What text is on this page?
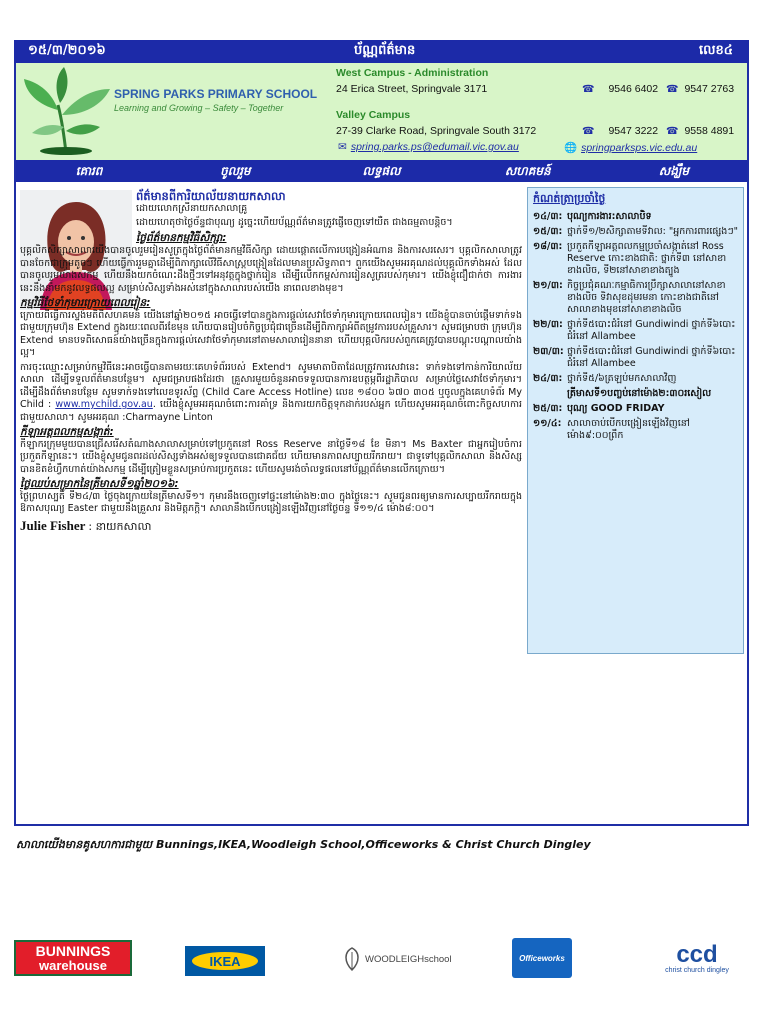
១៥/៣/២០១៦	ប័ណ្ណព័ត៌មាន	លេខ៤
SPRING PARKS PRIMARY SCHOOL
Learning and Growing – Safety – Together
West Campus - Administration
24 Erica Street, Springvale 3171	☎ 9546 6402 ☎ 9547 2763
Valley Campus
27-39 Clarke Road, Springvale South 3172	☎ 9547 3222 ☎ 9558 4891
✉ spring.parks.ps@edumail.vic.gov.au	🌐 springparksps.vic.edu.au
គោរព	ចូលរួម	លទ្ធផល	សហគមន៍	សង្ឃឹម
ព័ត៌មានពីការិយាល័យនាយកសាលា
ដោយលោកស្រីនាយកសាលាគ្រូ
ដោយហេតុថាថ្ងៃច័ន្ទជាបុណ្យ ដូច្នេះហើយប័ណ្ណព័ត៌មានត្រូវផ្ញើចេញទៅយឺត ជាងធម្មតាបន្តិច។
ថ្ងៃព័ត៌មានកម្មវិធីសិក្សា:
បុគ្គលិកសិក្សាសាលាយើងបានចូលរួមរៀនសូត្រក្នុងថ្ងៃព័ត៌មានកម្មវិធីសិក្សា ដោយផ្តោតលើការបង្រៀនអំណាន និងការសរសេរ។ បុគ្គលិកសាលាត្រូវបានចែកជាក្រុមតូចៗ ហើយធ្វើការរួមគ្នាដើម្បីពិភាក្សាលើវិធីសាស្ត្របង្រៀនដែលមានប្រសិទ្ធភាព។ ពួកយើងសូមអរគុណដល់បុគ្គលិកទាំងអស់ ដែលបានចូលរួមយ៉ាងសកម្ម ហើយនឹងយកចំណេះដឹងថ្មីៗទៅអនុវត្តក្នុងថ្នាក់រៀន ដើម្បីលើកកម្ពស់ការរៀនសូត្ររបស់កុមារ។ យើងខ្ញុំជឿជាក់ថា ការងារនេះនឹងនាំមកនូវលទ្ធផលល្អ សម្រាប់សិស្សទាំងអស់នៅក្នុងសាលារបស់យើង នាពេលខាងមុខ។
កម្មវិធីថែទាំកុមារក្រោយពេលរៀន:
ក្រោយពីធ្វើការស្ទង់មតិពីសហគមន៍ យើងនៅឆ្នាំ២០១៥ អាចធ្វើទៅបានក្នុងការផ្តល់សេវាថែទាំកុមារក្រោយពេលរៀន។ យើងខ្ញុំបានចាប់ផ្តើមទាក់ទងជាមួយក្រុមហ៊ុន Extend ក្នុងរយៈពេលពីរខែមុន ហើយបានរៀបចំកិច្ចប្រជុំជាច្រើនដើម្បីពិភាក្សាអំពីតម្រូវការរបស់គ្រួសារ។ សូមជម្រាបថា ក្រុមហ៊ុន Extend មានបទពិសោធន៍យ៉ាងច្រើនក្នុងការផ្តល់សេវាថែទាំកុមារនៅតាមសាលារៀននានា ហើយបុគ្គលិករបស់ពួកគេត្រូវបានបណ្តុះបណ្តាលយ៉ាងល្អ។
ការចុះឈ្មោះសម្រាប់កម្មវិធីនេះអាចធ្វើបានតាមរយៈគេហទំព័ររបស់ Extend។ សូមមាតាបិតាដែលត្រូវការសេវានេះ ទាក់ទងទៅកាន់ការិយាល័យសាលា ដើម្បីទទួលព័ត៌មានបន្ថែម។ សូមជម្រាបផងដែរថា គ្រួសារមួយចំនួនអាចទទួលបានការឧបត្ថម្ភពីរដ្ឋាភិបាល សម្រាប់ថ្លៃសេវាថែទាំកុមារ។ ដើម្បីដឹងព័ត៌មានបន្ថែម សូមទាក់ទងទៅលេខទូរស័ព្ទ (Child Care Access Hotline) លេខ ១៨០០ ៦៧០ ៣០៥ ឬចូលក្នុងគេហទំព័រ My Child : www.mychild.gov.au. យើងខ្ញុំសូមអរគុណចំពោះការគាំទ្រ និងការយកចិត្តទុកដាក់របស់អ្នក ហើយសូមអរគុណចំពោះកិច្ចសហការជាមួយសាលា។ សូមអរគុណ :Charmayne Linton
កីឡាអត្តពលកម្មសង្កាត់:
កីឡាករក្រុមមួយបានជ្រើសរើសតំណាងសាលាសម្រាប់ទៅប្រកួតនៅ Ross Reserve នាថ្ងៃទី១៨ ខែ មិនា។ Ms Baxter ជាអ្នករៀបចំការប្រកួតកីឡានេះ។ យើងខ្ញុំសូមជូនពរដល់សិស្សទាំងអស់ឲ្យទទួលបានជោគជ័យ ហើយមានភាពសប្បាយរីករាយ។ ជាទូទៅបុគ្គលិកសាលា និងសិស្សបានខិតខំហ្វឹកហាត់យ៉ាងសកម្ម ដើម្បីត្រៀមខ្លួនសម្រាប់ការប្រកួតនេះ ហើយសូមរង់ចាំលទ្ធផលនៅប័ណ្ណព័ត៌មានលើកក្រោយ។
ថ្ងៃឈប់សម្រាកនៃត្រីមាសទី១ឆ្នាំ២០១៦:
ថ្ងៃព្រហស្បតិ៍ ទី២៤/៣ ថ្ងៃចុងក្រោយនៃត្រីមាសទី១។ កុមារនឹងចេញទៅផ្ទះនៅម៉ោង២:៣០ ក្នុងថ្ងៃនេះ។ សូមជូនពរឲ្យមានការសប្បាយរីករាយក្នុងឱកាសបុណ្យ Easter ជាមួយនឹងគ្រួសារ និងមិត្តភក្តិ។ សាលានឹងបើកបង្រៀនឡើងវិញនៅថ្ងៃចន្ទ ទី១១/៤ ម៉ោង៨:០០។
Julie Fisher : នាយកសាលា
កំណត់ត្រាប្រចាំថ្ងៃ
១៤/៣: បុណ្យការងារ:សាលាបិទ
១៥/៣: ថ្នាក់ទី១/២សិក្សាតាមទីវាល: "អ្នកការពារផ្សេងៗ"
១៨/៣: ប្រកួតកីឡាអត្តពលកម្មប្រចាំសង្កាត់នៅ Ross Reserve កោះខាងជាតិ: ថ្នាក់ទី៣ នៅសាខាខាងលិច, ទី២នៅសាខាខាងត្បូង
២១/៣: កិច្ចប្រជុំគណៈកម្មាធិការប្រឹក្សាសាលានៅសាខាខាងលិច ទិវាសុខដុមរមនា កោះខាងជាតិនៅសាលាខាងមុខនៅសាខាខាងលិច
២២/៣: ថ្នាក់ទី៥បោះជំរំនៅ Gundiwindi ថ្នាក់ទី៦បោះជំរំនៅ Allambee
២៣/៣: ថ្នាក់ទី៥បោះជំរំនៅ Gundiwindi ថ្នាក់ទី៦បោះជំរំនៅ Allambee
២៤/៣: ថ្នាក់ទី៥/៦ត្រឡប់មកសាលាវិញ
ត្រីមាសទី១បញ្ចប់នៅម៉ោង២:៣០រសៀល
២៥/៣: បុណ្យ GOOD FRIDAY
១១/៤: សាលាចាប់បើកបង្រៀនឡើងវិញនៅម៉ោង៩:០០ព្រឹក
សាលាយើងមានគូសហការជាមួយ Bunnings,IKEA,Woodleigh School,Officeworks & Christ Church Dingley
BUNNINGS
warehouse	IKEA	WOODLEIGHschool	Officeworks	ccd
christ church dingley
